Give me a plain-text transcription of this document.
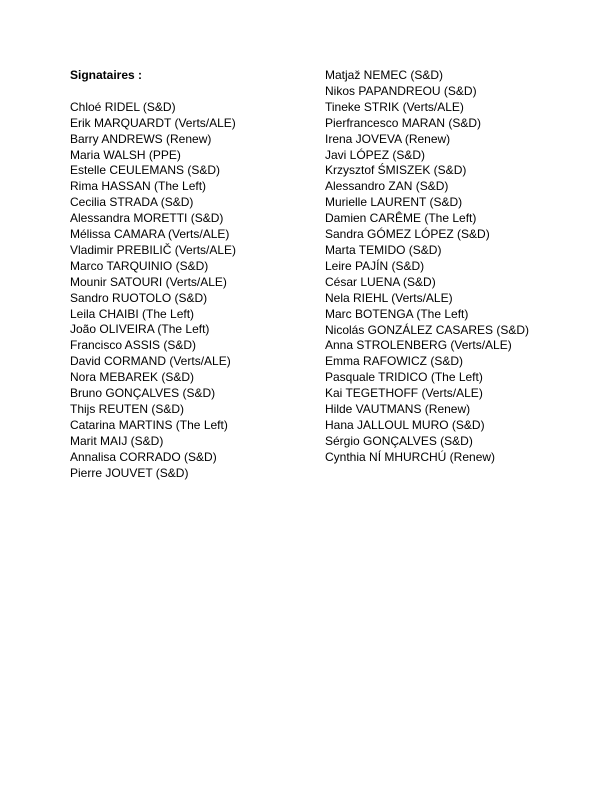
Signataires :
Chloé RIDEL (S&D)
Erik MARQUARDT (Verts/ALE)
Barry ANDREWS (Renew)
Maria WALSH (PPE)
Estelle CEULEMANS (S&D)
Rima HASSAN (The Left)
Cecilia STRADA (S&D)
Alessandra MORETTI (S&D)
Mélissa CAMARA (Verts/ALE)
Vladimir PREBILIČ (Verts/ALE)
Marco TARQUINIO (S&D)
Mounir SATOURI (Verts/ALE)
Sandro RUOTOLO (S&D)
Leila CHAIBI (The Left)
João OLIVEIRA (The Left)
Francisco ASSIS (S&D)
David CORMAND (Verts/ALE)
Nora MEBAREK (S&D)
Bruno GONÇALVES (S&D)
Thijs REUTEN (S&D)
Catarina MARTINS (The Left)
Marit MAIJ (S&D)
Annalisa CORRADO (S&D)
Pierre JOUVET (S&D)
Matjaž NEMEC (S&D)
Nikos PAPANDREOU (S&D)
Tineke STRIK (Verts/ALE)
Pierfrancesco MARAN (S&D)
Irena JOVEVA (Renew)
Javi LÓPEZ (S&D)
Krzysztof ŚMISZEK (S&D)
Alessandro ZAN (S&D)
Murielle LAURENT (S&D)
Damien CARÊME (The Left)
Sandra GÓMEZ LÓPEZ (S&D)
Marta TEMIDO (S&D)
Leire PAJÍN (S&D)
César LUENA (S&D)
Nela RIEHL (Verts/ALE)
Marc BOTENGA (The Left)
Nicolás GONZÁLEZ CASARES (S&D)
Anna STROLENBERG (Verts/ALE)
Emma RAFOWICZ (S&D)
Pasquale TRIDICO (The Left)
Kai TEGETHOFF (Verts/ALE)
Hilde VAUTMANS (Renew)
Hana JALLOUL MURO (S&D)
Sérgio GONÇALVES (S&D)
Cynthia NÍ MHURCHÚ (Renew)
